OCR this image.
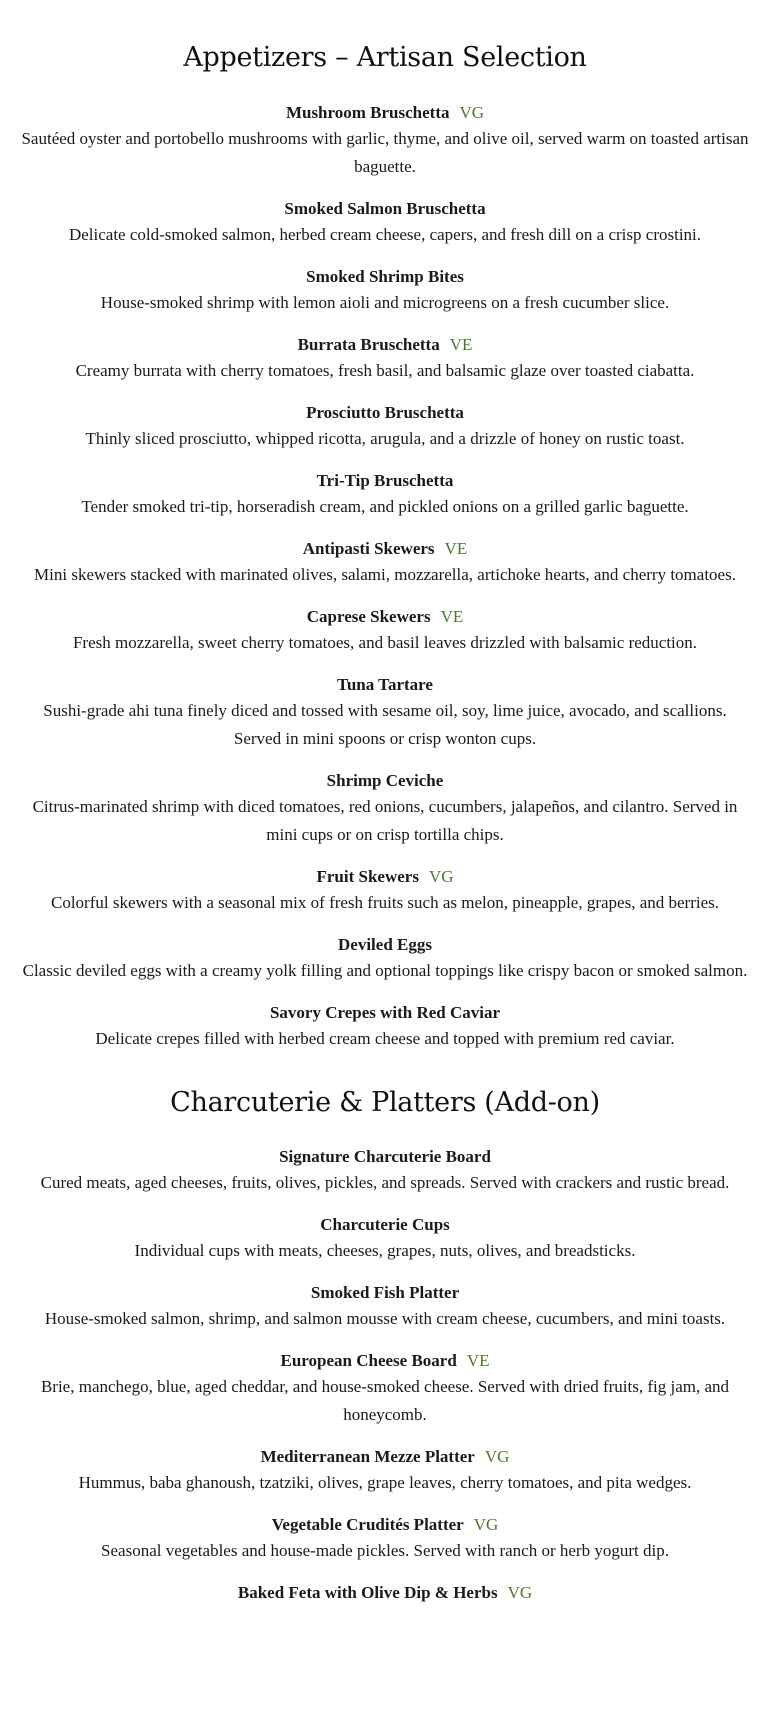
Appetizers – Artisan Selection

Mushroom Bruschetta VG

Sautéed oyster and portobello mushrooms with garlic, thyme, and olive oil, served warm on toasted artisan baguette.

Smoked Salmon Bruschetta

Delicate cold-smoked salmon, herbed cream cheese, capers, and fresh dill on a crisp crostini.

Smoked Shrimp Bites

House-smoked shrimp with lemon aioli and microgreens on a fresh cucumber slice.

Burrata Bruschetta VE

Creamy burrata with cherry tomatoes, fresh basil, and balsamic glaze over toasted ciabatta.

Prosciutto Bruschetta

Thinly sliced prosciutto, whipped ricotta, arugula, and a drizzle of honey on rustic toast.

Tri-Tip Bruschetta

Tender smoked tri-tip, horseradish cream, and pickled onions on a grilled garlic baguette.

Antipasti Skewers VE

Mini skewers stacked with marinated olives, salami, mozzarella, artichoke hearts, and cherry tomatoes.

Caprese Skewers VE

Fresh mozzarella, sweet cherry tomatoes, and basil leaves drizzled with balsamic reduction.

Tuna Tartare

Sushi-grade ahi tuna finely diced and tossed with sesame oil, soy, lime juice, avocado, and scallions. Served in mini spoons or crisp wonton cups.

Shrimp Ceviche

Citrus-marinated shrimp with diced tomatoes, red onions, cucumbers, jalapeños, and cilantro. Served in mini cups or on crisp tortilla chips.

Fruit Skewers VG

Colorful skewers with a seasonal mix of fresh fruits such as melon, pineapple, grapes, and berries.

Deviled Eggs

Classic deviled eggs with a creamy yolk filling and optional toppings like crispy bacon or smoked salmon.

Savory Crepes with Red Caviar

Delicate crepes filled with herbed cream cheese and topped with premium red caviar.

Charcuterie & Platters (Add-on)

Signature Charcuterie Board

Cured meats, aged cheeses, fruits, olives, pickles, and spreads. Served with crackers and rustic bread.

Charcuterie Cups

Individual cups with meats, cheeses, grapes, nuts, olives, and breadsticks.

Smoked Fish Platter

House-smoked salmon, shrimp, and salmon mousse with cream cheese, cucumbers, and mini toasts.

European Cheese Board VE

Brie, manchego, blue, aged cheddar, and house-smoked cheese. Served with dried fruits, fig jam, and honeycomb.

Mediterranean Mezze Platter VG

Hummus, baba ghanoush, tzatziki, olives, grape leaves, cherry tomatoes, and pita wedges.

Vegetable Crudités Platter VG

Seasonal vegetables and house-made pickles. Served with ranch or herb yogurt dip.

Baked Feta with Olive Dip & Herbs VG
